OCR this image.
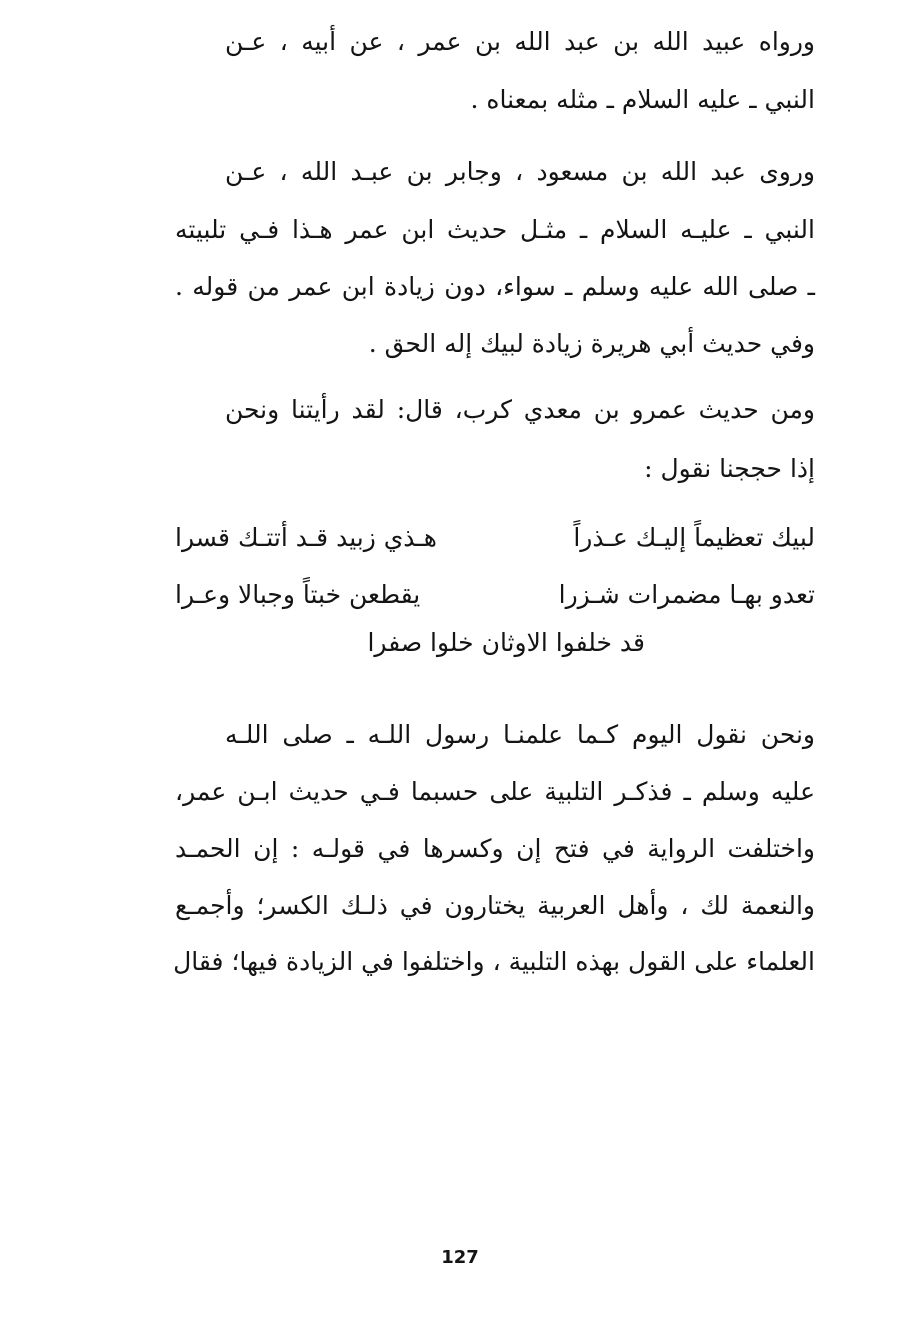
ورواه عبيد الله بن عبد الله بن عمر ، عن أبيه ، عـن
النبي ـ عليه السلام ـ مثله بمعناه .
وروى عبد الله بن مسعود ، وجابر بن عبـد الله ، عـن
النبي ـ عليـه السلام ـ مثـل حديث ابن عمر هـذا فـي تلبيته
ـ صلى الله عليه وسلم ـ سواء، دون زيادة ابن عمر من قوله .
وفي حديث أبي هريرة زيادة لبيك إله الحق .
ومن حديث عمرو بن معدي كرب، قال: لقد رأيتنا ونحن
إذا حججنا نقول :
لبيك تعظيماً إليـك عـذراً
هـذي زبيد قـد أتتـك قسرا
تعدو بهـا مضمرات شـزرا
يقطعن خبتاً وجبالا وعـرا
قد خلفوا الاوثان خلوا صفرا
ونحن نقول اليوم كـما علمنـا رسول اللـه ـ صلى اللـه
عليه وسلم ـ فذكـر التلبية على حسبما فـي حديث ابـن عمر،
واختلفت الرواية في فتح إن وكسرها في قولـه : إن الحمـد
والنعمة لك ، وأهل العربية يختارون في ذلـك الكسر؛ وأجمـع
العلماء على القول بهذه التلبية ، واختلفوا في الزيادة فيها؛ فقال
127
